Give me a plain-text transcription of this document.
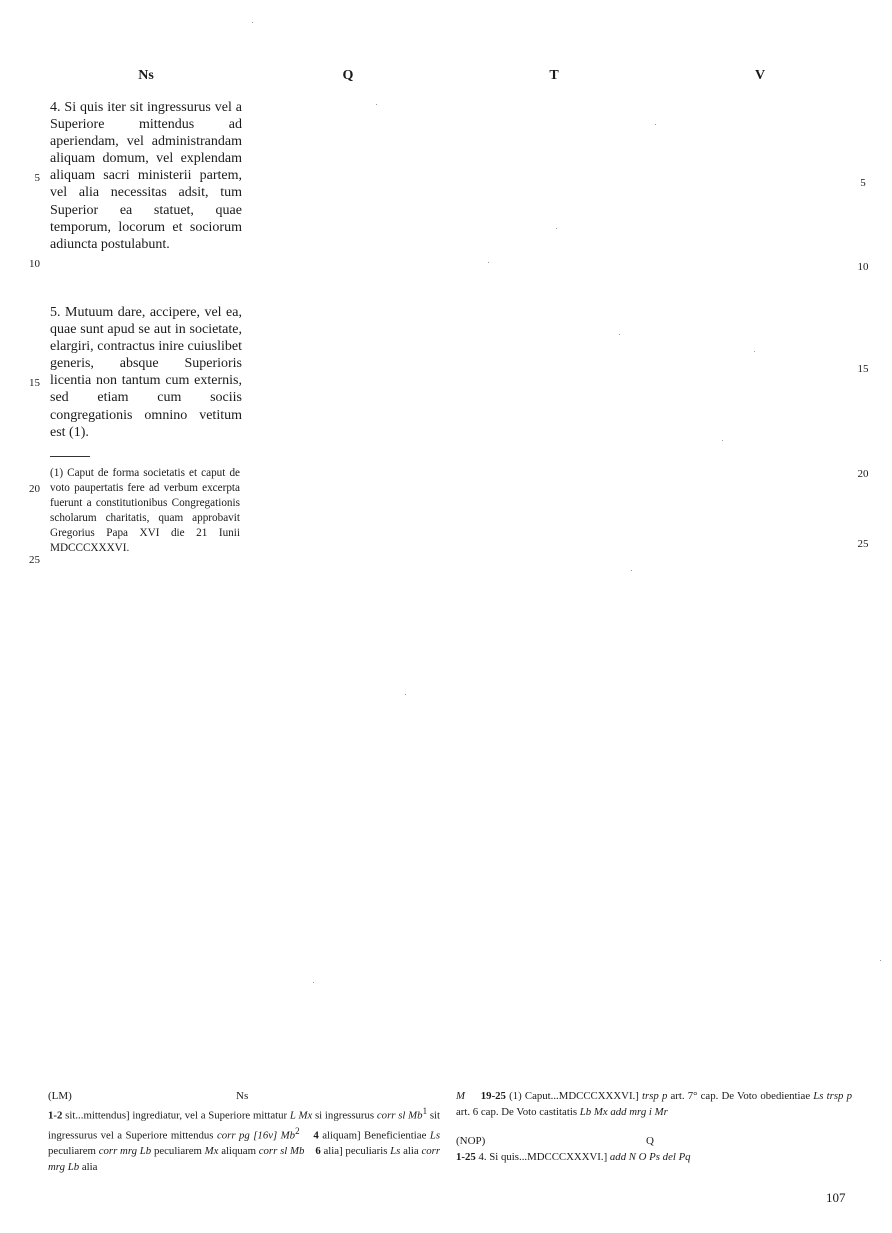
Ns	Q	T	V

4. Si quis iter sit ingressurus vel a Superiore mittendus ad aperiendam, vel administrandam aliquam domum, vel explendam aliquam sacri ministerii partem, vel alia necessitas adsit, tum Superior ea statuet, quae temporum, locorum et sociorum adiuncta postulabunt.

5. Mutuum dare, accipere, vel ea, quae sunt apud se aut in societate, elargiri, contractus inire cuiuslibet generis, absque Superioris licentia non tantum cum externis, sed etiam cum sociis congregationis omnino vetitum est (1).

(1) Caput de forma societatis et caput de voto paupertatis fere ad verbum excerpta fuerunt a constitutionibus Congregationis scholarum charitatis, quam approbavit Gregorius Papa XVI die 21 Iunii MDCCCXXXVI.
5
10
15
20
25
5
10
15
20
25
(LM)	Ns
1-2 sit...mittendus] ingrediatur, vel a Superiore mittatur L Mx si ingressurus corr sl Mb$^1$ sit ingressurus vel a Superiore mittendus corr pg [16v] Mb$^2$ 4 aliquam] Beneficientiae Ls peculiarem corr mrg Lb peculiarem Mx aliquam corr sl Mb 6 alia] peculiaris Ls alia corr mrg Lb alia
M 19-25 (1) Caput...MDCCCXXXVI.] trsp p art. 7° cap. De Voto obedientiae Ls trsp p art. 6 cap. De Voto castitatis Lb Mx add mrg i Mr
(NOP)	Q
1-25 4. Si quis...MDCCCXXXVI.] add N O Ps del Pq
107
